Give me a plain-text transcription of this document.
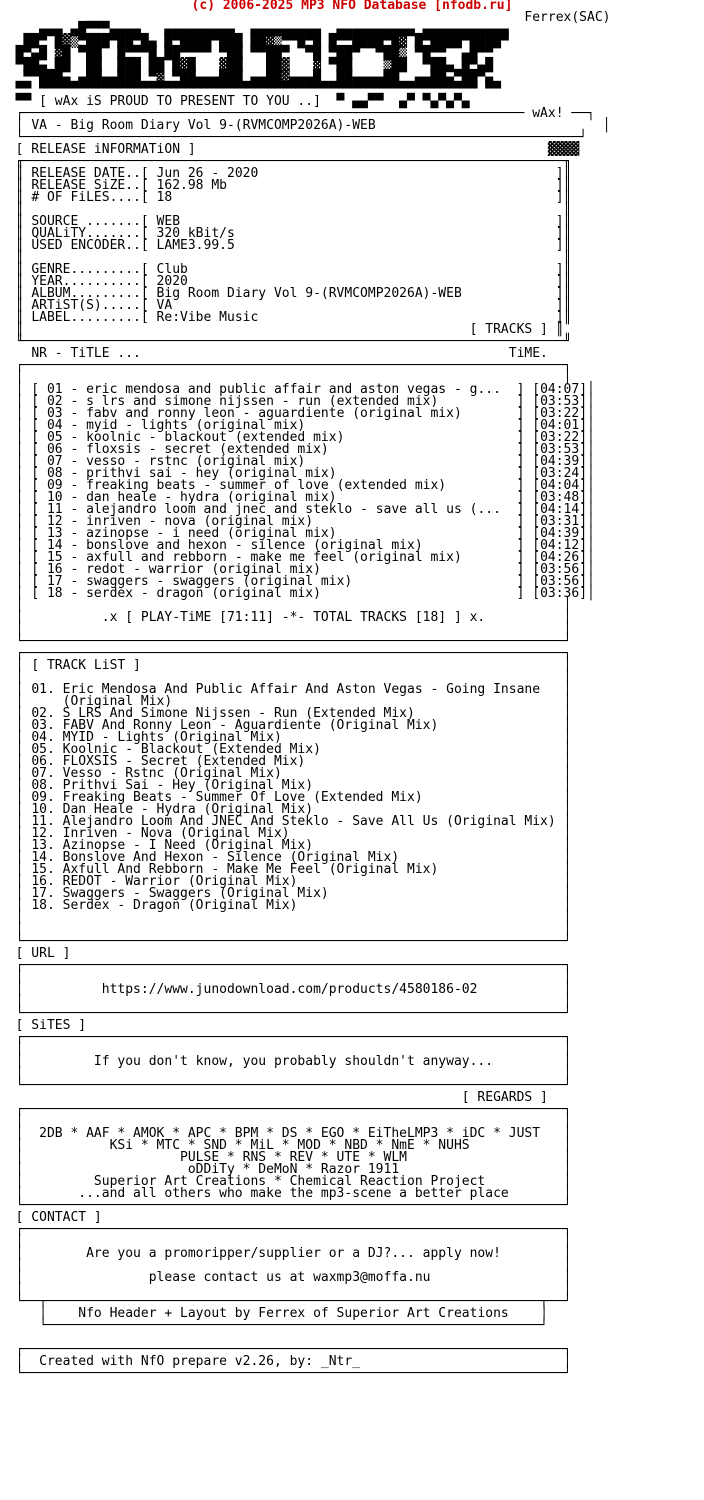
(c) 2006-2025 MP3 NFO Database [nfodb.ru]
Ferrex(SAC)
▄▄▄ ▄█▀▀▀▄▄▄▄   ▄▄▄▄▄▄▄▄▄  ▄▄▄▄▄▄▄▄▄  ▄▄▄▄▄▄▄▄▄▄ ▄▄▄▄▄▄▄▄▄▄▄
██▀ █▓▒▀███▀██▀█▄ █▀████▀███ ██▓▒▀▀█▀█ █▀▀████▀█▓ █▀████▀████▀
█▀▄█ ▓█ ▀██  █▀▀▀█ ██▀▀▀▀ ▀██ ▀▀██▀  ▀█ ▀██▀  ▀██▒ ▀█▀▀  ▄█▀▀
▀██▄ ██  ██  ███ ██ █▓█   ▓██   ██▓   ▓ ▀██    ▒██  ▀██▄ █▀▄█
▀▀███▄ ▄██▄▄███ ▀▓ ▀██▄▄▄███ ▄▄██▓▄▄▄█  ██▄▄▄▄██  ▄▄██▄▀██▀▄
▀▀ ▀▀▀▀▀▀▀▀▀▀▀▀▀▀▀▀▀▀▀▀▀▀▀▀▀▀▀▀▀▀▀▀▀▀▀▀▀▀▀▀▀▀▀▀▀▀▀▀▀▀▀▀▀▀▀▀ ▀▀
▀▀ [ wAx iS PROUD TO PRESENT TO YOU ..]  ▀ ▄▄▀▀  ▄▀ ▀▄▀▄▀▄
┌──────────────────────────────────────────────────────────────── wAx! ──┐
│ VA - Big Room Diary Vol 9-(RVMCOMP2026A)-WEB                             │
└───────────────────────────────────────────────────────────────────────┘
[ RELEASE iNFORMATiON ]                                             ▓▓▓▓
╓─────────────────────────────────────────────────────────────────────╖
║ RELEASE DATE..[ Jun 26 - 2020                                      ]║
║ RELEASE SiZE..[ 162.98 Mb                                          ]║
║ # OF FiLES....[ 18                                                 ]║
║                                                                     ║
║ SOURCE .......[ WEB                                                ]║
║ QUALiTY.......[ 320 kBit/s                                         ]║
║ USED ENCODER..[ LAME3.99.5                                         ]║
║                                                                     ║
║ GENRE.........[ Club                                               ]║
║ YEAR..........[ 2020                                               ]║
║ ALBUM.........[ Big Room Diary Vol 9-(RVMCOMP2026A)-WEB            ]║
║ ARTiST(S).....[ VA                                                 ]║
║ LABEL.........[ Re:Vibe Music                                      ]║
║                                                         [ TRACKS ] ║
╙─────────────────────────────────────────────────────────────────────╜
NR - TiTLE ...                                               TiME.
┌─────────────────────────────────────────────────────────────────────┐
│                                                                     │
│ [ 01 - eric mendosa and public affair and aston vegas - g...  ] [04:07]│
│ [ 02 - s lrs and simone nijssen - run (extended mix)          ] [03:53]│
│ [ 03 - fabv and ronny leon - aguardiente (original mix)       ] [03:22]│
│ [ 04 - myid - lights (original mix)                           ] [04:01]│
│ [ 05 - koolnic - blackout (extended mix)                      ] [03:22]│
│ [ 06 - floxsis - secret (extended mix)                        ] [03:53]│
│ [ 07 - vesso - rstnc (original mix)                           ] [04:39]│
│ [ 08 - prithvi sai - hey (original mix)                       ] [03:24]│
│ [ 09 - freaking beats - summer of love (extended mix)         ] [04:04]│
│ [ 10 - dan heale - hydra (original mix)                       ] [03:48]│
│ [ 11 - alejandro loom and jnec and steklo - save all us (...  ] [04:14]│
│ [ 12 - inriven - nova (original mix)                          ] [03:31]│
│ [ 13 - azinopse - i need (original mix)                       ] [04:39]│
│ [ 14 - bonslove and hexon - silence (original mix)            ] [04:12]│
│ [ 15 - axfull and rebborn - make me feel (original mix)       ] [04:26]│
│ [ 16 - redot - warrior (original mix)                         ] [03:56]│
│ [ 17 - swaggers - swaggers (original mix)                     ] [03:56]│
│ [ 18 - serdex - dragon (original mix)                         ] [03:36]│
│                                                                     │
│          .x [ PLAY-TiME [71:11] -*- TOTAL TRACKS [18] ] x.          │
│                                                                     │
└─────────────────────────────────────────────────────────────────────┘
┌─────────────────────────────────────────────────────────────────────┐
│ [ TRACK LiST ]                                                      │
│                                                                     │
│ 01. Eric Mendosa And Public Affair And Aston Vegas - Going Insane   │
│     (Original Mix)                                                  │
│ 02. S LRS And Simone Nijssen - Run (Extended Mix)                   │
│ 03. FABV And Ronny Leon - Aguardiente (Original Mix)                │
│ 04. MYID - Lights (Original Mix)                                    │
│ 05. Koolnic - Blackout (Extended Mix)                               │
│ 06. FLOXSIS - Secret (Extended Mix)                                 │
│ 07. Vesso - Rstnc (Original Mix)                                    │
│ 08. Prithvi Sai - Hey (Original Mix)                                │
│ 09. Freaking Beats - Summer Of Love (Extended Mix)                  │
│ 10. Dan Heale - Hydra (Original Mix)                                │
│ 11. Alejandro Loom And JNEC And Steklo - Save All Us (Original Mix) │
│ 12. Inriven - Nova (Original Mix)                                   │
│ 13. Azinopse - I Need (Original Mix)                                │
│ 14. Bonslove And Hexon - Silence (Original Mix)                     │
│ 15. Axfull And Rebborn - Make Me Feel (Original Mix)                │
│ 16. REDOT - Warrior (Original Mix)                                  │
│ 17. Swaggers - Swaggers (Original Mix)                              │
│ 18. Serdex - Dragon (Original Mix)                                  │
│                                                                     │
│                                                                     │
└─────────────────────────────────────────────────────────────────────┘
[ URL ]
┌─────────────────────────────────────────────────────────────────────┐
│                                                                     │
│          https://www.junodownload.com/products/4580186-02           │
│                                                                     │
└─────────────────────────────────────────────────────────────────────┘
[ SiTES ]
┌─────────────────────────────────────────────────────────────────────┐
│                                                                     │
│         If you don't know, you probably shouldn't anyway...         │
│                                                                     │
└─────────────────────────────────────────────────────────────────────┘
[ REGARDS ]
┌─────────────────────────────────────────────────────────────────────┐
│                                                                     │
│  2DB * AAF * AMOK * APC * BPM * DS * EGO * EiTheLMP3 * iDC * JUST   │
│           KSi * MTC * SND * MiL * MOD * NBD * NmE * NUHS            │
│                    PULSE * RNS * REV * UTE * WLM                    │
│                     oDDiTy * DeMoN * Razor 1911                     │
│         Superior Art Creations * Chemical Reaction Project          │
│       ...and all others who make the mp3-scene a better place       │
└─────────────────────────────────────────────────────────────────────┘
[ CONTACT ]
┌─────────────────────────────────────────────────────────────────────┐
│                                                                     │
│        Are you a promoripper/supplier or a DJ?... apply now!        │
│                                                                     │
│                please contact us at waxmp3@moffa.nu                 │
│                                                                     │
└──┬───────────────────────────────────────────────────────────────┬──┘
│    Nfo Header + Layout by Ferrex of Superior Art Creations    │
└───────────────────────────────────────────────────────────────┘

┌─────────────────────────────────────────────────────────────────────┐
│  Created with NfO prepare v2.26, by: _Ntr_                          │
└─────────────────────────────────────────────────────────────────────┘
